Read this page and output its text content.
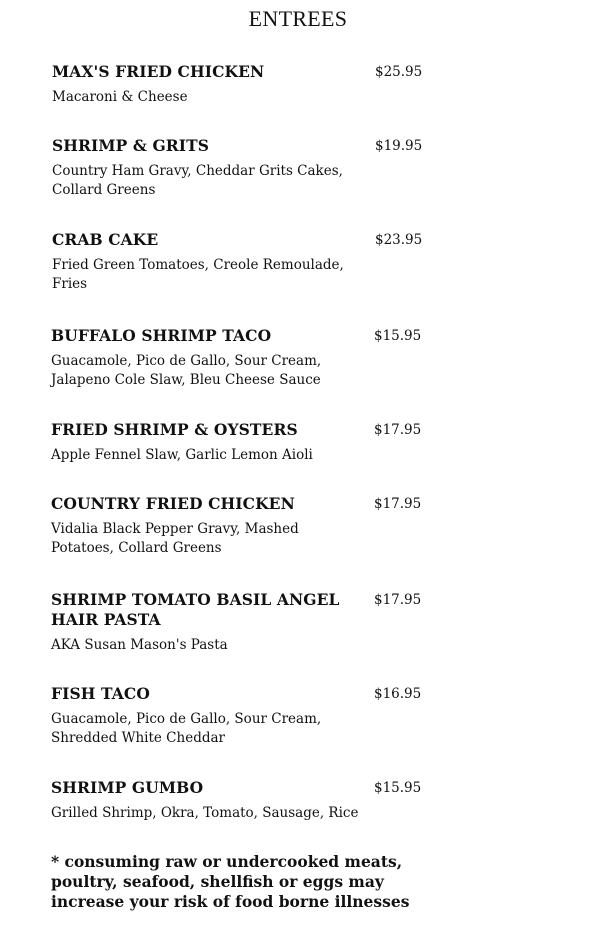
ENTREES
MAX'S FRIED CHICKEN	$25.95
Macaroni & Cheese
SHRIMP & GRITS	$19.95
Country Ham Gravy, Cheddar Grits Cakes, Collard Greens
CRAB CAKE	$23.95
Fried Green Tomatoes, Creole Remoulade, Fries
BUFFALO SHRIMP TACO	$15.95
Guacamole, Pico de Gallo, Sour Cream, Jalapeno Cole Slaw, Bleu Cheese Sauce
FRIED SHRIMP & OYSTERS	$17.95
Apple Fennel Slaw, Garlic Lemon Aioli
COUNTRY FRIED CHICKEN	$17.95
Vidalia Black Pepper Gravy, Mashed Potatoes, Collard Greens
SHRIMP TOMATO BASIL ANGEL HAIR PASTA
$17.95
AKA Susan Mason's Pasta
FISH TACO	$16.95
Guacamole, Pico de Gallo, Sour Cream, Shredded White Cheddar
SHRIMP GUMBO	$15.95
Grilled Shrimp, Okra, Tomato, Sausage, Rice
* consuming raw or undercooked meats, poultry, seafood, shellfish or eggs may increase your risk of food borne illnesses
